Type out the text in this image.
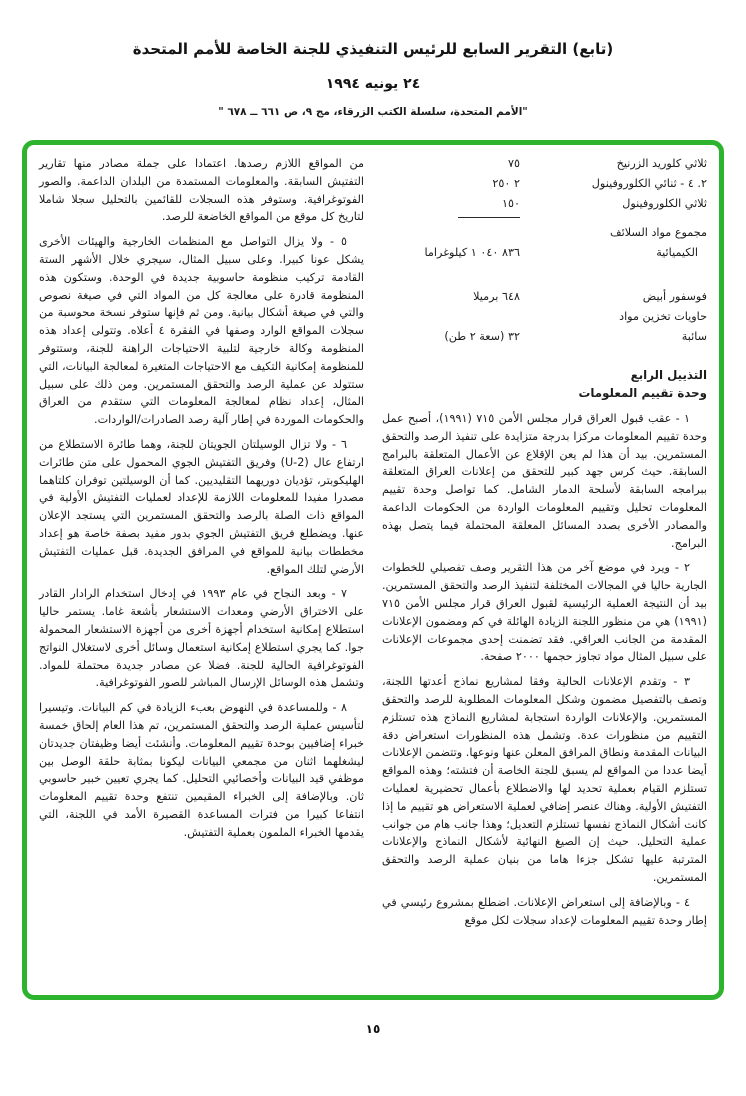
(تابع) التقرير السابع للرئيس التنفيذي للجنة الخاصة للأمم المتحدة
٢٤ يونيه ١٩٩٤
"الأمم المتحدة، سلسلة الكتب الزرقاء، مج ٩، ص ٦٦١ ــ ٦٧٨ "
ثلاثي كلوريد الزرنيخ
٧٥
٢. ٤ - ثنائي الكلوروفينول
٢ ٢٥٠
ثلاثي الكلوروفينول
١٥٠
مجموع مواد السلائف
الكيميائية
٨٣٦ ٠٤٠ ١ كيلوغراما
فوسفور أبيض
٦٤٨ برميلا
حاويات تخزين مواد
سائبة
٣٢ (سعة ٢ طن)
التذييل الرابع
وحدة تقييم المعلومات

١ - عقب قبول العراق قرار مجلس الأمن ٧١٥ (١٩٩١)، أصبح عمل وحدة تقييم المعلومات مركزا بدرجة متزايدة على تنفيذ الرصد والتحقق المستمرين. بيد أن هذا لم يعن الإقلاع عن الأعمال المتعلقة بالبرامج السابقة. حيث كرس جهد كبير للتحقق من إعلانات العراق المتعلقة ببرامجه السابقة لأسلحة الدمار الشامل. كما تواصل وحدة تقييم المعلومات تحليل وتقييم المعلومات الواردة من الحكومات الداعمة والمصادر الأخرى بصدد المسائل المعلقة المحتملة فيما يتصل بهذه البرامج.

٢ - ويرد في موضع آخر من هذا التقرير وصف تفصيلي للخطوات الجارية حاليا في المجالات المختلفة لتنفيذ الرصد والتحقق المستمرين. بيد أن النتيجة العملية الرئيسية لقبول العراق قرار مجلس الأمن ٧١٥ (١٩٩١) هي من منظور اللجنة الزيادة الهائلة في كم ومضمون الإعلانات المقدمة من الجانب العراقي. فقد تضمنت إحدى مجموعات الإعلانات على سبيل المثال مواد تجاوز حجمها ٢٠٠٠ صفحة.

٣ - وتقدم الإعلانات الحالية وفقا لمشاريع نماذج أعدتها اللجنة، وتصف بالتفصيل مضمون وشكل المعلومات المطلوبة للرصد والتحقق المستمرين. والإعلانات الواردة استجابة لمشاريع النماذج هذه تستلزم التقييم من منظورات عدة. وتشمل هذه المنظورات استعراض دقة البيانات المقدمة ونطاق المرافق المعلن عنها ونوعها. وتتضمن الإعلانات أيضا عددا من المواقع لم يسبق للجنة الخاصة أن فتشته؛ وهذه المواقع تستلزم القيام بعملية تحديد لها والاضطلاع بأعمال تحضيرية لعمليات التفتيش الأولية. وهناك عنصر إضافي لعملية الاستعراض هو تقييم ما إذا كانت أشكال النماذج نفسها تستلزم التعديل؛ وهذا جانب هام من جوانب عملية التحليل. حيث إن الصيغ النهائية لأشكال النماذج والإعلانات المترتبة عليها تشكل جزءا هاما من بنيان عملية الرصد والتحقق المستمرين.

٤ - وبالإضافة إلى استعراض الإعلانات. اضطلع بمشروع رئيسي في إطار وحدة تقييم المعلومات لإعداد سجلات لكل موقع

من المواقع اللازم رصدها. اعتمادا على جملة مصادر منها تقارير التفتيش السابقة. والمعلومات المستمدة من البلدان الداعمة. والصور الفوتوغرافية. وستوفر هذه السجلات للقائمين بالتحليل سجلا شاملا لتاريخ كل موقع من المواقع الخاضعة للرصد.

٥ - ولا يزال التواصل مع المنظمات الخارجية والهيئات الأخرى يشكل عونا كبيرا. وعلى سبيل المثال، سيجري خلال الأشهر الستة القادمة تركيب منظومة حاسوبية جديدة في الوحدة. وستكون هذه المنظومة قادرة على معالجة كل من المواد التي في صيغة نصوص والتي في صيغة أشكال بيانية. ومن ثم فإنها ستوفر نسخة محوسبة من سجلات المواقع الوارد وصفها في الفقرة ٤ أعلاه. وتتولى إعداد هذه المنظومة وكالة خارجية لتلبية الاحتياجات الراهنة للجنة، وستتوفر للمنظومة إمكانية التكيف مع الاحتياجات المتغيرة لمعالجة البيانات، التي ستتولد عن عملية الرصد والتحقق المستمرين. ومن ذلك على سبيل المثال، إعداد نظام لمعالجة المعلومات التي ستقدم من العراق والحكومات الموردة في إطار آلية رصد الصادرات/الواردات.

٦ - ولا تزال الوسيلتان الجويتان للجنة، وهما طائرة الاستطلاع من ارتفاع عال (U-2) وفريق التفتيش الجوي المحمول على متن طائرات الهليكوبتر، تؤديان دوريهما التقليديين. كما أن الوسيلتين توفران كلتاهما مصدرا مفيدا للمعلومات اللازمة للإعداد لعمليات التفتيش الأولية في المواقع ذات الصلة بالرصد والتحقق المستمرين التي يستجد الإعلان عنها. ويضطلع فريق التفتيش الجوي بدور مفيد بصفة خاصة هو إعداد مخططات بيانية للمواقع في المرافق الجديدة. قبل عمليات التفتيش الأرضي لتلك المواقع.

٧ - وبعد النجاح في عام ١٩٩٣ في إدخال استخدام الرادار القادر على الاختراق الأرضي ومعدات الاستشعار بأشعة غاما. يستمر حاليا استطلاع إمكانية استخدام أجهزة أخرى من أجهزة الاستشعار المحمولة جوا. كما يجري استطلاع إمكانية استعمال وسائل أخرى لاستغلال النواتج الفوتوغرافية الحالية للجنة. فضلا عن مصادر جديدة محتملة للمواد. وتشمل هذه الوسائل الإرسال المباشر للصور الفوتوغرافية.

٨ - وللمساعدة في النهوض بعبء الزيادة في كم البيانات. وتيسيرا لتأسيس عملية الرصد والتحقق المستمرين، تم هذا العام إلحاق خمسة خبراء إضافيين بوحدة تقييم المعلومات. وأنشئت أيضا وظيفتان جديدتان ليشغلهما اثنان من مجمعي البيانات ليكونا بمثابة حلقة الوصل بين موظفي قيد البيانات وأخصائيي التحليل. كما يجري تعيين خبير حاسوبي ثان. وبالإضافة إلى الخبراء المقيمين تنتفع وحدة تقييم المعلومات انتفاعا كبيرا من فترات المساعدة القصيرة الأمد في اللجنة، التي يقدمها الخبراء الملمون بعملية التفتيش.

١٥
